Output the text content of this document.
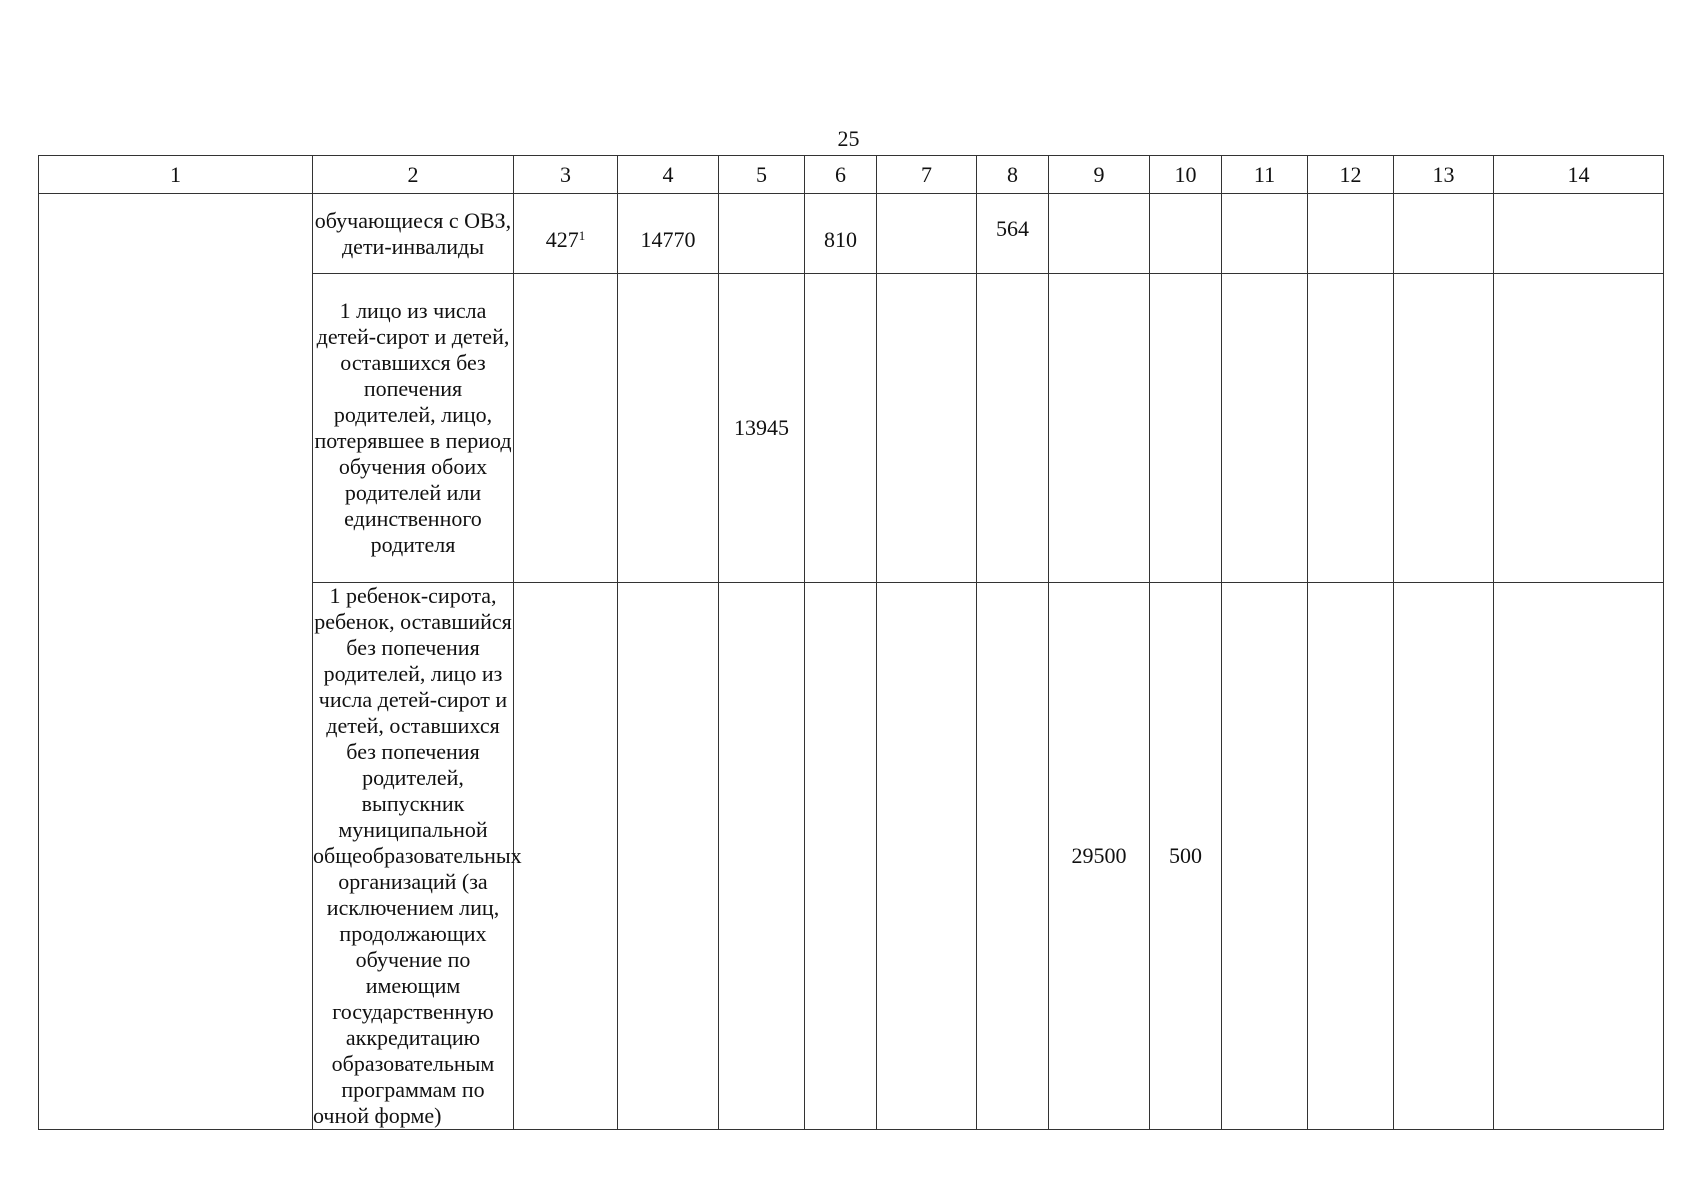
25
1	2	3	4	5	6	7	8	9	10	11	12	13	14
	обучающиеся с ОВЗ, дети-инвалиды	$427^1$	14770		810		564						
	1 лицо из числа детей-сирот и детей, оставшихся без попечения родителей, лицо, потерявшее в период обучения обоих родителей или единственного родителя			13945									
	1 ребенок-сирота, ребенок, оставшийся без попечения родителей, лицо из числа детей-сирот и детей, оставшихся без попечения родителей, выпускник муниципальной общеобразовательных организаций (за исключением лиц, продолжающих обучение по имеющим государственную аккредитацию образовательным программам по очной форме)							29500	500				
